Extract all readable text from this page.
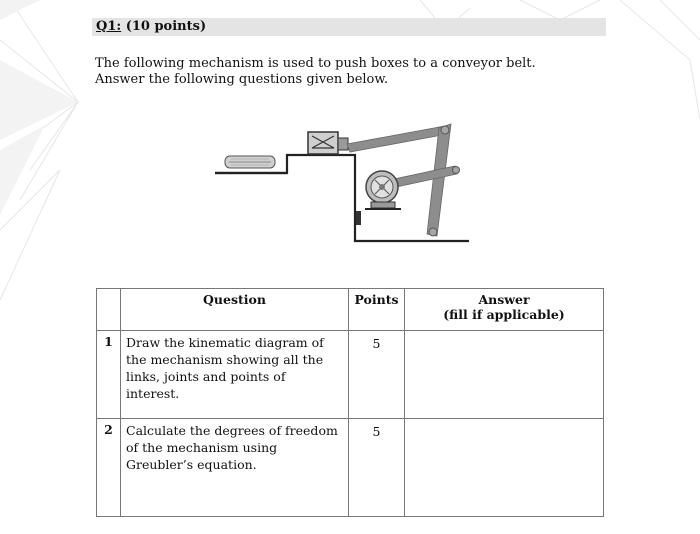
Q1: (10 points)
The following mechanism is used to push boxes to a conveyor belt. Answer the following questions given below.
	Question	Points	Answer
(fill if applicable)

1	Draw the kinematic diagram of the mechanism showing all the links, joints and points of interest.	5	
2	Calculate the degrees of freedom of the mechanism using Greubler’s equation.	5	
